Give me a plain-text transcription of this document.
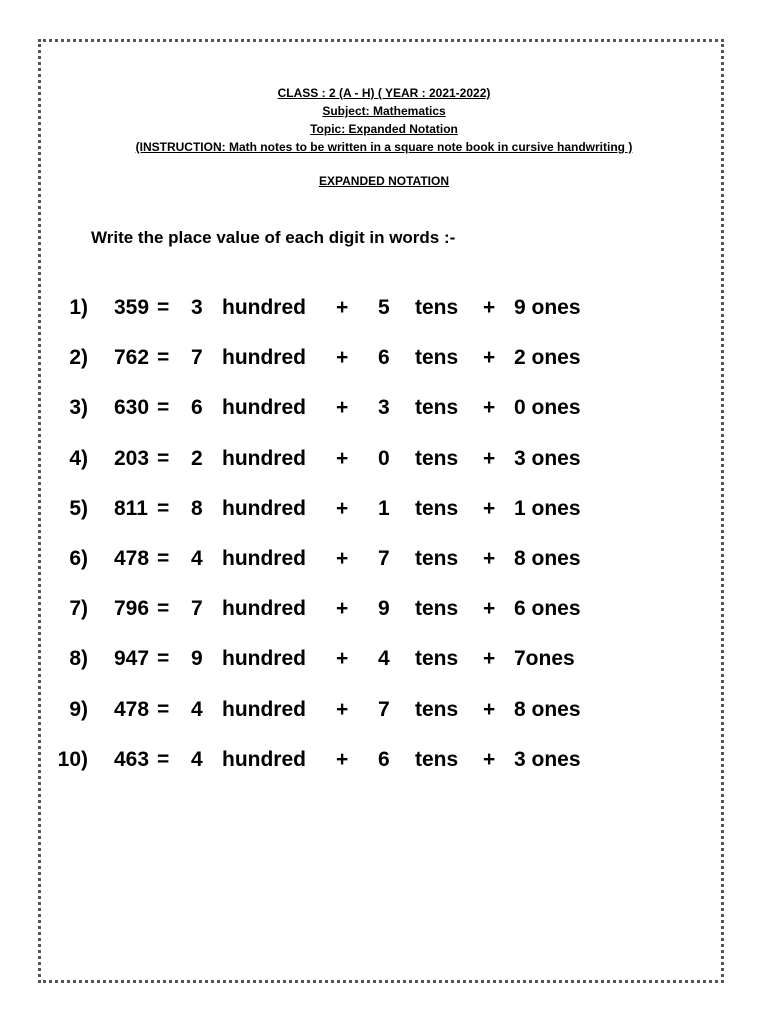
CLASS : 2 (A - H) ( YEAR : 2021-2022)
Subject: Mathematics
Topic: Expanded Notation
(INSTRUCTION: Math notes to be written in a square note book in cursive handwriting )
EXPANDED NOTATION
Write the place value of each digit in words :-
1) 359 = 3 hundred + 5 tens + 9 ones
2) 762 = 7 hundred + 6 tens + 2 ones
3) 630 = 6 hundred + 3 tens + 0 ones
4) 203 = 2 hundred + 0 tens + 3 ones
5) 811 = 8 hundred + 1 tens + 1 ones
6) 478 = 4 hundred + 7 tens + 8 ones
7) 796 = 7 hundred + 9 tens + 6 ones
8) 947 = 9 hundred + 4 tens + 7ones
9) 478 = 4 hundred + 7 tens + 8 ones
10) 463 = 4 hundred + 6 tens + 3 ones
